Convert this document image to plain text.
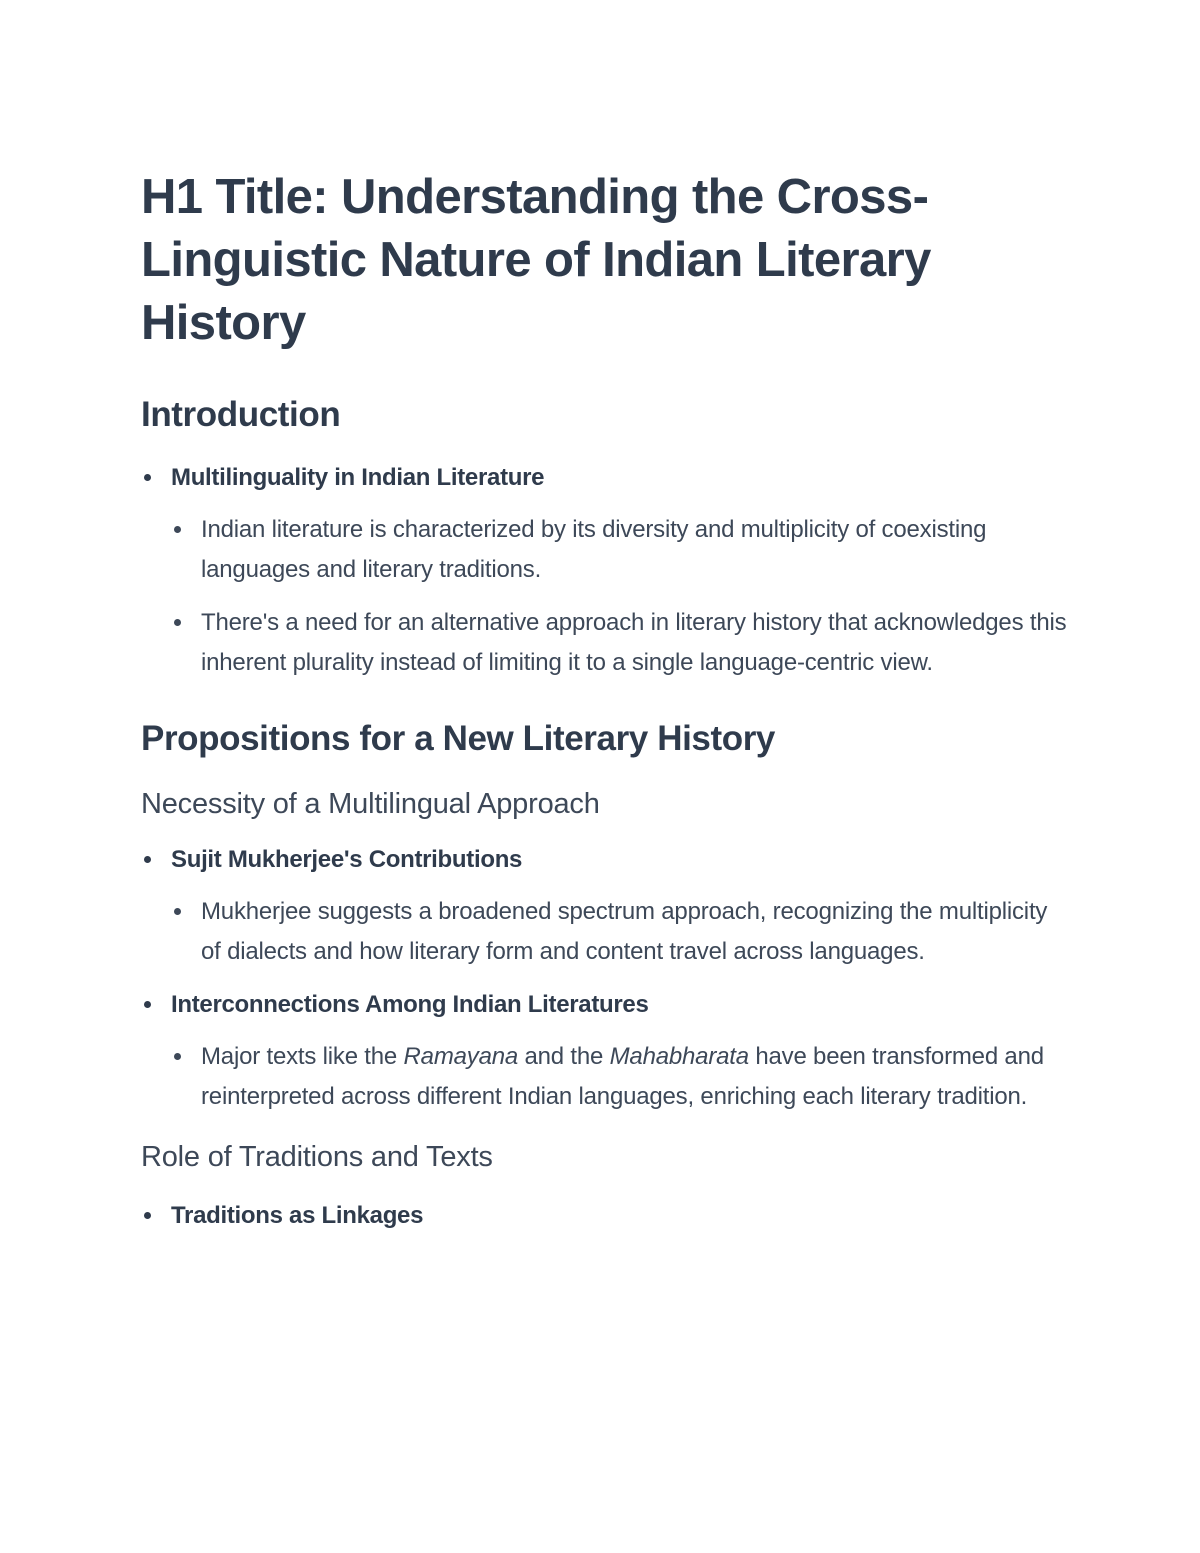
H1 Title: Understanding the Cross-Linguistic Nature of Indian Literary History
Introduction
Multilinguality in Indian Literature
Indian literature is characterized by its diversity and multiplicity of coexisting languages and literary traditions.
There's a need for an alternative approach in literary history that acknowledges this inherent plurality instead of limiting it to a single language-centric view.
Propositions for a New Literary History
Necessity of a Multilingual Approach
Sujit Mukherjee's Contributions
Mukherjee suggests a broadened spectrum approach, recognizing the multiplicity of dialects and how literary form and content travel across languages.
Interconnections Among Indian Literatures
Major texts like the Ramayana and the Mahabharata have been transformed and reinterpreted across different Indian languages, enriching each literary tradition.
Role of Traditions and Texts
Traditions as Linkages
